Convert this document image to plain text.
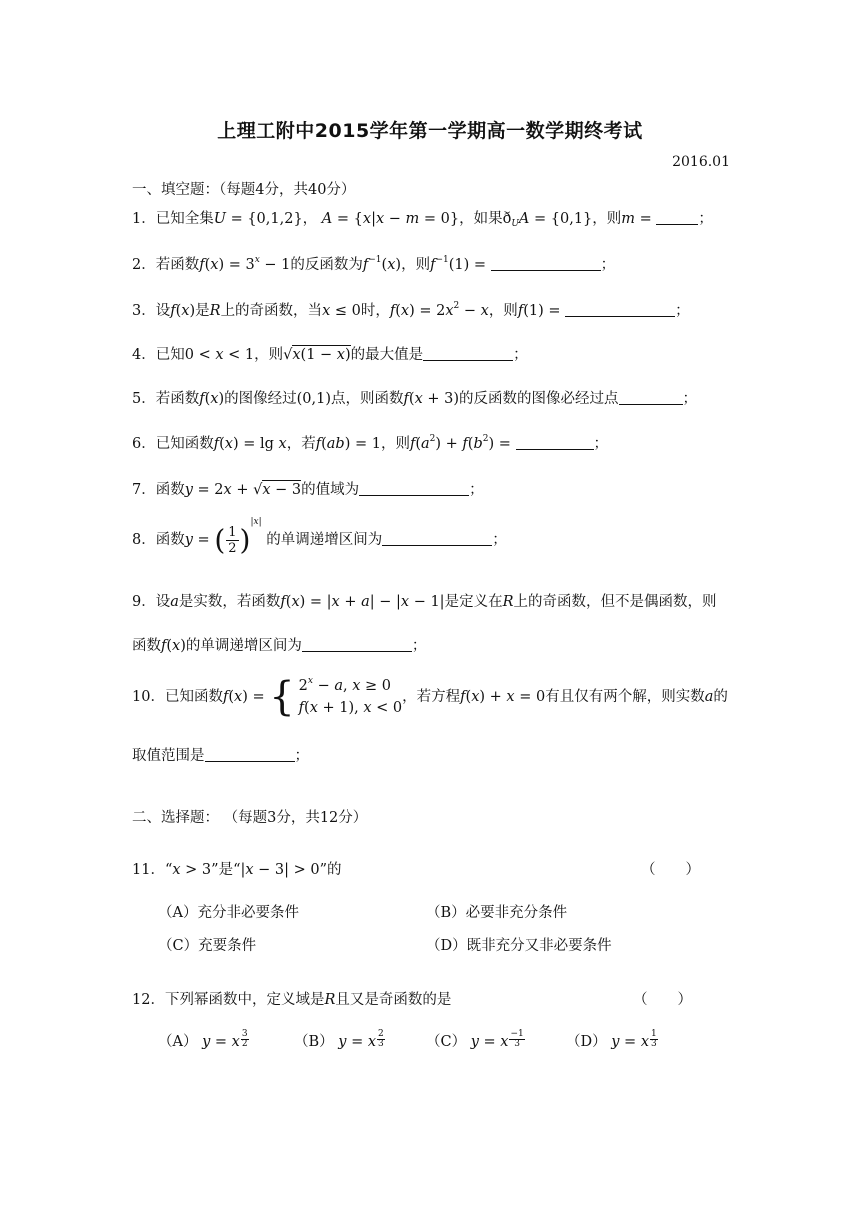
上理工附中2015学年第一学期高一数学期终考试
2016.01
一、填空题：（每题4分，共40分）
1．已知全集U = {0,1,2}， A = {x|x − m = 0}，如果$ð_UA = \{0,1\}$，则m =	；
2．若函数$f(x) = 3^x - 1$的反函数为$f^{-1}(x)$，则$f^{-1}(1)$ =	；
3．设f(x)是R上的奇函数，当x ≤ 0时，$f(x) = 2x^2 - x$，则f(1) =	；
4．已知0 < x < 1，则√x(1 − x)的最大值是	；
5．若函数f(x)的图像经过(0,1)点，则函数f(x + 3)的反函数的图像必经过点	；
6．已知函数f(x) = lg x，若f(ab) = 1，则$f(a^2) + f(b^2)$ =	；
7．函数y = 2x + √x − 3的值域为	；
8．函数y = ( $\frac{1}{2} )^{|x|}$ 的单调递增区间为	；
9．设a是实数，若函数f(x) = |x + a| − |x − 1|是定义在R上的奇函数，但不是偶函数，则
函数f(x)的单调递增区间为	；
10．已知函数f(x) = { $2^x - a$, x ≥ 0
f(x + 1), x < 0
，若方程f(x) + x = 0有且仅有两个解，则实数a的
取值范围是	；
二、选择题： （每题3分，共12分）
11．“x > 3”是“|x − 3| > 0”的	（）
（A）充分非必要条件	（B）必要非充分条件
（C）充要条件	（D）既非充分又非必要条件
12．下列幂函数中，定义域是R且又是奇函数的是	（）
（A） y = x $\frac{3}{2}$	（B） y = x $\frac{2}{3}$	（C） y = x $\frac{-1}{3}$	（D） y = x $\frac{1}{3}$
